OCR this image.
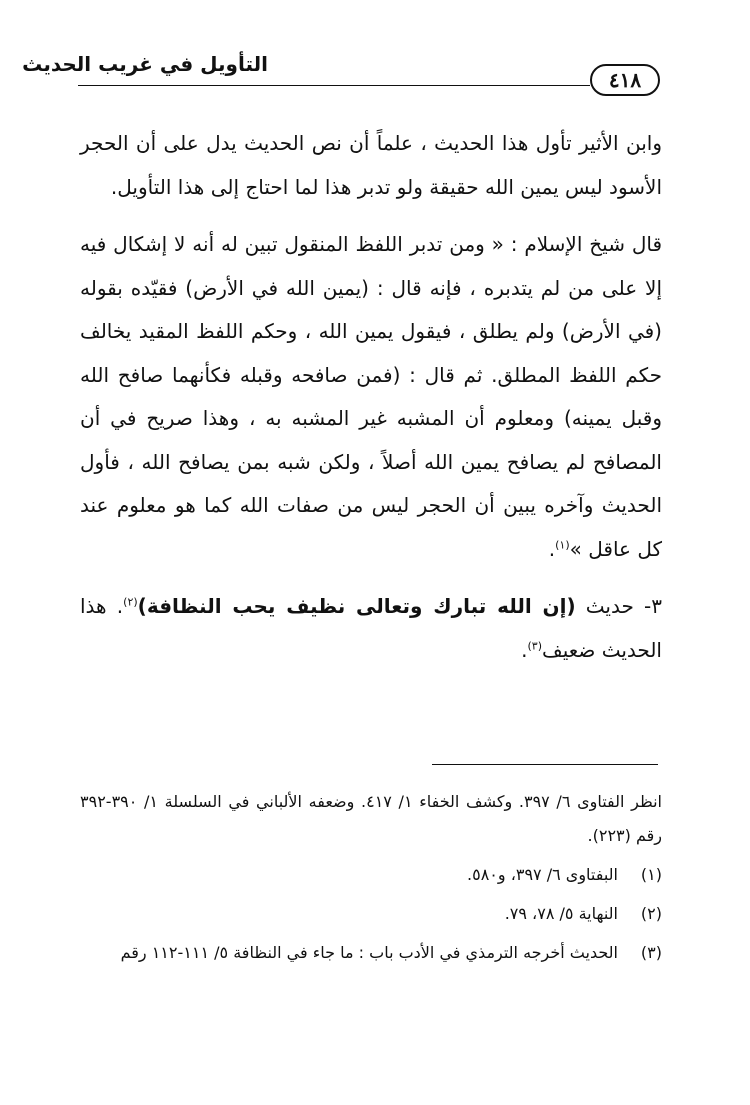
التأويل في غريب الحديث
٤١٨

وابن الأثير تأول هذا الحديث ، علماً أن نص الحديث يدل على أن الحجر الأسود ليس يمين الله حقيقة ولو تدبر هذا لما احتاج إلى هذا التأويل.

قال شيخ الإسلام : « ومن تدبر اللفظ المنقول تبين له أنه لا إشكال فيه إلا على من لم يتدبره ، فإنه قال : (يمين الله في الأرض) فقيّده بقوله (في الأرض) ولم يطلق ، فيقول يمين الله ، وحكم اللفظ المقيد يخالف حكم اللفظ المطلق. ثم قال : (فمن صافحه وقبله فكأنهما صافح الله وقبل يمينه) ومعلوم أن المشبه غير المشبه به ، وهذا صريح في أن المصافح لم يصافح يمين الله أصلاً ، ولكن شبه بمن يصافح الله ، فأول الحديث وآخره يبين أن الحجر ليس من صفات الله كما هو معلوم عند كل عاقل »$^{(١)}$.

٣- حديث (إن الله تبارك وتعالى نظيف يحب النظافة)$^{(٢)}$. هذا الحديث ضعيف$^{(٣)}$.

انظر الفتاوى ٦/ ٣٩٧. وكشف الخفاء ١/ ٤١٧. وضعفه الألباني في السلسلة ١/ ٣٩٠-٣٩٢ رقم (٢٢٣).
(١)
البفتاوى ٦/ ٣٩٧، و٥٨٠.
(٢)
النهاية ٥/ ٧٨، ٧٩.
(٣)
الحديث أخرجه الترمذي في الأدب باب : ما جاء في النظافة ٥/ ١١١-١١٢ رقم
